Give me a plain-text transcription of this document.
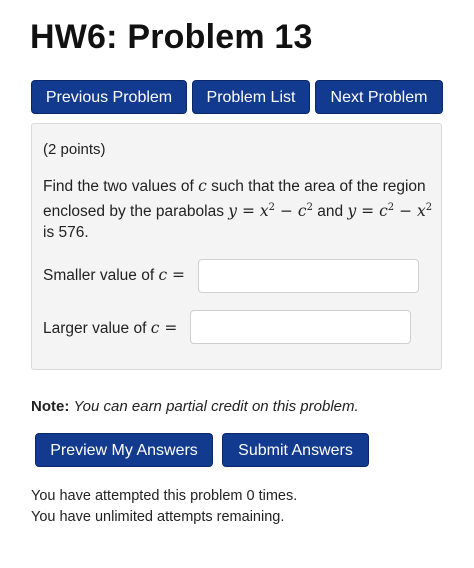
HW6: Problem 13
Previous Problem	Problem List	Next Problem
(2 points)
Find the two values of c such that the area of the region enclosed by the parabolas $y = x^2 - c^2$ and $y = c^2 - x^2$ is 576.
Smaller value of c =
Larger value of c =
Note: You can earn partial credit on this problem.
Preview My Answers	Submit Answers
You have attempted this problem 0 times.
You have unlimited attempts remaining.
